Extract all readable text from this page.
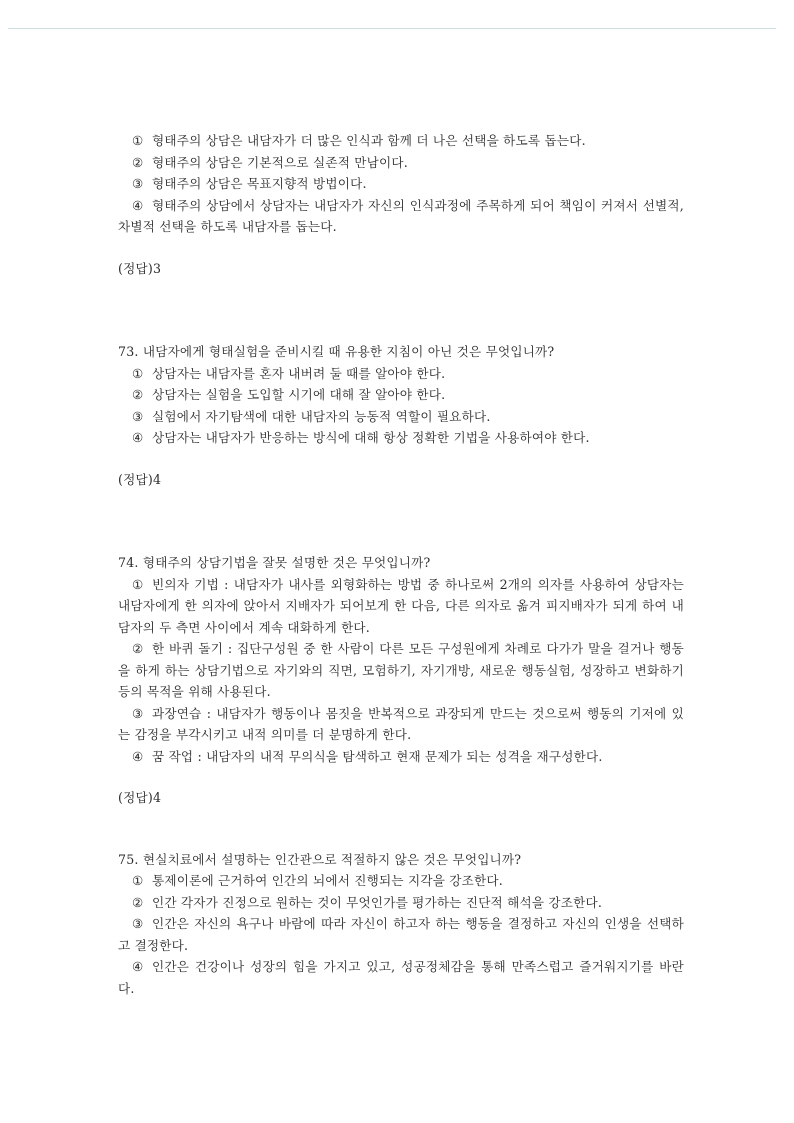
① 형태주의 상담은 내담자가 더 많은 인식과 함께 더 나은 선택을 하도록 돕는다.

② 형태주의 상담은 기본적으로 실존적 만남이다.

③ 형태주의 상담은 목표지향적 방법이다.

④ 형태주의 상담에서 상담자는 내담자가 자신의 인식과정에 주목하게 되어 책임이 커져서 선별적, 차별적 선택을 하도록 내담자를 돕는다.

(정답)3

73. 내담자에게 형태실험을 준비시킬 때 유용한 지침이 아닌 것은 무엇입니까?

① 상담자는 내담자를 혼자 내버려 둘 때를 알아야 한다.

② 상담자는 실험을 도입할 시기에 대해 잘 알아야 한다.

③ 실험에서 자기탐색에 대한 내담자의 능동적 역할이 필요하다.

④ 상담자는 내담자가 반응하는 방식에 대해 항상 정확한 기법을 사용하여야 한다.

(정답)4

74. 형태주의 상담기법을 잘못 설명한 것은 무엇입니까?

① 빈의자 기법 : 내담자가 내사를 외형화하는 방법 중 하나로써 2개의 의자를 사용하여 상담자는 내담자에게 한 의자에 앉아서 지배자가 되어보게 한 다음, 다른 의자로 옮겨 피지배자가 되게 하여 내담자의 두 측면 사이에서 계속 대화하게 한다.

② 한 바퀴 돌기 : 집단구성원 중 한 사람이 다른 모든 구성원에게 차례로 다가가 말을 걸거나 행동을 하게 하는 상담기법으로 자기와의 직면, 모험하기, 자기개방, 새로운 행동실험, 성장하고 변화하기 등의 목적을 위해 사용된다.

③ 과장연습 : 내담자가 행동이나 몸짓을 반복적으로 과장되게 만드는 것으로써 행동의 기저에 있는 감정을 부각시키고 내적 의미를 더 분명하게 한다.

④ 꿈 작업 : 내담자의 내적 무의식을 탐색하고 현재 문제가 되는 성격을 재구성한다.

(정답)4

75. 현실치료에서 설명하는 인간관으로 적절하지 않은 것은 무엇입니까?

① 통제이론에 근거하여 인간의 뇌에서 진행되는 지각을 강조한다.

② 인간 각자가 진정으로 원하는 것이 무엇인가를 평가하는 진단적 해석을 강조한다.

③ 인간은 자신의 욕구나 바람에 따라 자신이 하고자 하는 행동을 결정하고 자신의 인생을 선택하고 결정한다.

④ 인간은 건강이나 성장의 힘을 가지고 있고, 성공정체감을 통해 만족스럽고 즐거워지기를 바란다.
